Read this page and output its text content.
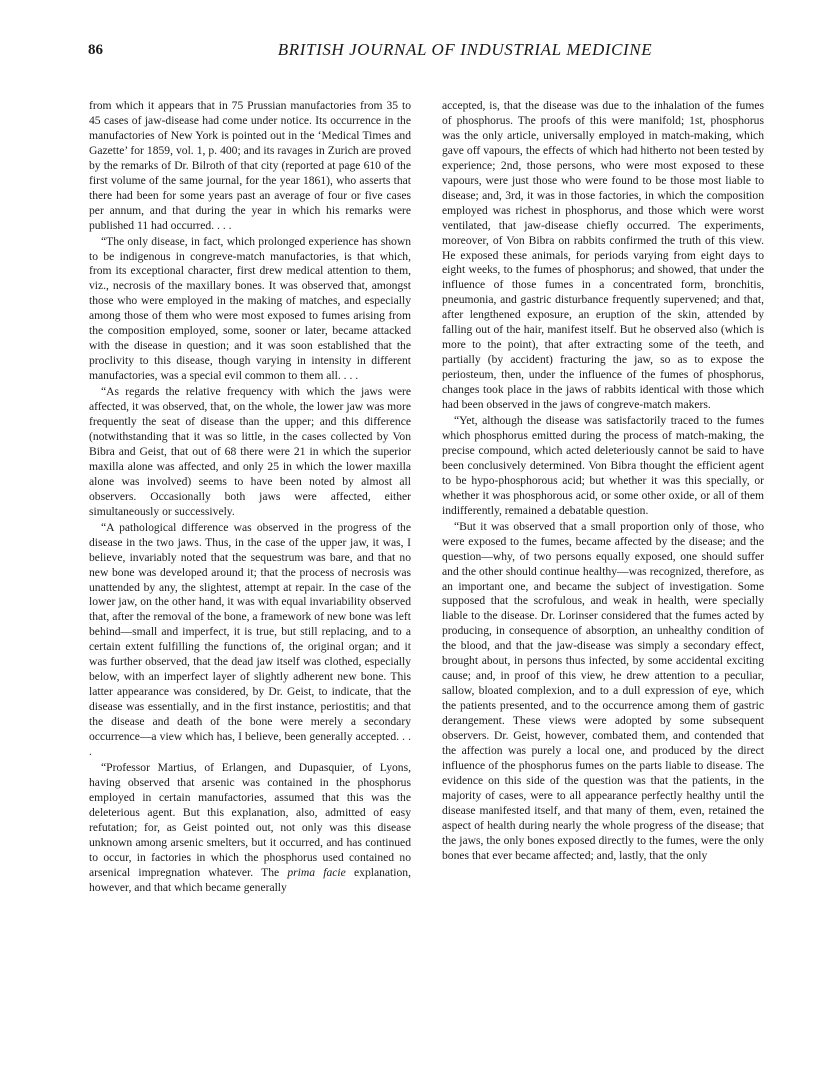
86	BRITISH JOURNAL OF INDUSTRIAL MEDICINE

from which it appears that in 75 Prussian manufactories from 35 to 45 cases of jaw-disease had come under notice. Its occurrence in the manufactories of New York is pointed out in the ‘Medical Times and Gazette’ for 1859, vol. 1, p. 400; and its ravages in Zurich are proved by the remarks of Dr. Bilroth of that city (reported at page 610 of the first volume of the same journal, for the year 1861), who asserts that there had been for some years past an average of four or five cases per annum, and that during the year in which his remarks were published 11 had occurred. . . .

“The only disease, in fact, which prolonged experience has shown to be indigenous in congreve-match manufactories, is that which, from its exceptional character, first drew medical attention to them, viz., necrosis of the maxillary bones. It was observed that, amongst those who were employed in the making of matches, and especially among those of them who were most exposed to fumes arising from the composition employed, some, sooner or later, became attacked with the disease in question; and it was soon established that the proclivity to this disease, though varying in intensity in different manufactories, was a special evil common to them all. . . .

“As regards the relative frequency with which the jaws were affected, it was observed, that, on the whole, the lower jaw was more frequently the seat of disease than the upper; and this difference (notwithstanding that it was so little, in the cases collected by Von Bibra and Geist, that out of 68 there were 21 in which the superior maxilla alone was affected, and only 25 in which the lower maxilla alone was involved) seems to have been noted by almost all observers. Occasionally both jaws were affected, either simultaneously or successively.

“A pathological difference was observed in the progress of the disease in the two jaws. Thus, in the case of the upper jaw, it was, I believe, invariably noted that the sequestrum was bare, and that no new bone was developed around it; that the process of necrosis was unattended by any, the slightest, attempt at repair. In the case of the lower jaw, on the other hand, it was with equal invariability observed that, after the removal of the bone, a framework of new bone was left behind—small and imperfect, it is true, but still replacing, and to a certain extent fulfilling the functions of, the original organ; and it was further observed, that the dead jaw itself was clothed, especially below, with an imperfect layer of slightly adherent new bone. This latter appearance was considered, by Dr. Geist, to indicate, that the disease was essentially, and in the first instance, periostitis; and that the disease and death of the bone were merely a secondary occurrence—a view which has, I believe, been generally accepted. . . .

“Professor Martius, of Erlangen, and Dupasquier, of Lyons, having observed that arsenic was contained in the phosphorus employed in certain manufactories, assumed that this was the deleterious agent. But this explanation, also, admitted of easy refutation; for, as Geist pointed out, not only was this disease unknown among arsenic smelters, but it occurred, and has continued to occur, in factories in which the phosphorus used contained no arsenical impregnation whatever. The prima facie explanation, however, and that which became generally

accepted, is, that the disease was due to the inhalation of the fumes of phosphorus. The proofs of this were manifold; 1st, phosphorus was the only article, universally employed in match-making, which gave off vapours, the effects of which had hitherto not been tested by experience; 2nd, those persons, who were most exposed to these vapours, were just those who were found to be those most liable to disease; and, 3rd, it was in those factories, in which the composition employed was richest in phosphorus, and those which were worst ventilated, that jaw-disease chiefly occurred. The experiments, moreover, of Von Bibra on rabbits confirmed the truth of this view. He exposed these animals, for periods varying from eight days to eight weeks, to the fumes of phosphorus; and showed, that under the influence of those fumes in a concentrated form, bronchitis, pneumonia, and gastric disturbance frequently supervened; and that, after lengthened exposure, an eruption of the skin, attended by falling out of the hair, manifest itself. But he observed also (which is more to the point), that after extracting some of the teeth, and partially (by accident) fracturing the jaw, so as to expose the periosteum, then, under the influence of the fumes of phosphorus, changes took place in the jaws of rabbits identical with those which had been observed in the jaws of congreve-match makers.

“Yet, although the disease was satisfactorily traced to the fumes which phosphorus emitted during the process of match-making, the precise compound, which acted deleteriously cannot be said to have been conclusively determined. Von Bibra thought the efficient agent to be hypo-phosphorous acid; but whether it was this specially, or whether it was phosphorous acid, or some other oxide, or all of them indifferently, remained a debatable question.

“But it was observed that a small proportion only of those, who were exposed to the fumes, became affected by the disease; and the question—why, of two persons equally exposed, one should suffer and the other should continue healthy—was recognized, therefore, as an important one, and became the subject of investigation. Some supposed that the scrofulous, and weak in health, were specially liable to the disease. Dr. Lorinser considered that the fumes acted by producing, in consequence of absorption, an unhealthy condition of the blood, and that the jaw-disease was simply a secondary effect, brought about, in persons thus infected, by some accidental exciting cause; and, in proof of this view, he drew attention to a peculiar, sallow, bloated complexion, and to a dull expression of eye, which the patients presented, and to the occurrence among them of gastric derangement. These views were adopted by some subsequent observers. Dr. Geist, however, combated them, and contended that the affection was purely a local one, and produced by the direct influence of the phosphorus fumes on the parts liable to disease. The evidence on this side of the question was that the patients, in the majority of cases, were to all appearance perfectly healthy until the disease manifested itself, and that many of them, even, retained the aspect of health during nearly the whole progress of the disease; that the jaws, the only bones exposed directly to the fumes, were the only bones that ever became affected; and, lastly, that the only
